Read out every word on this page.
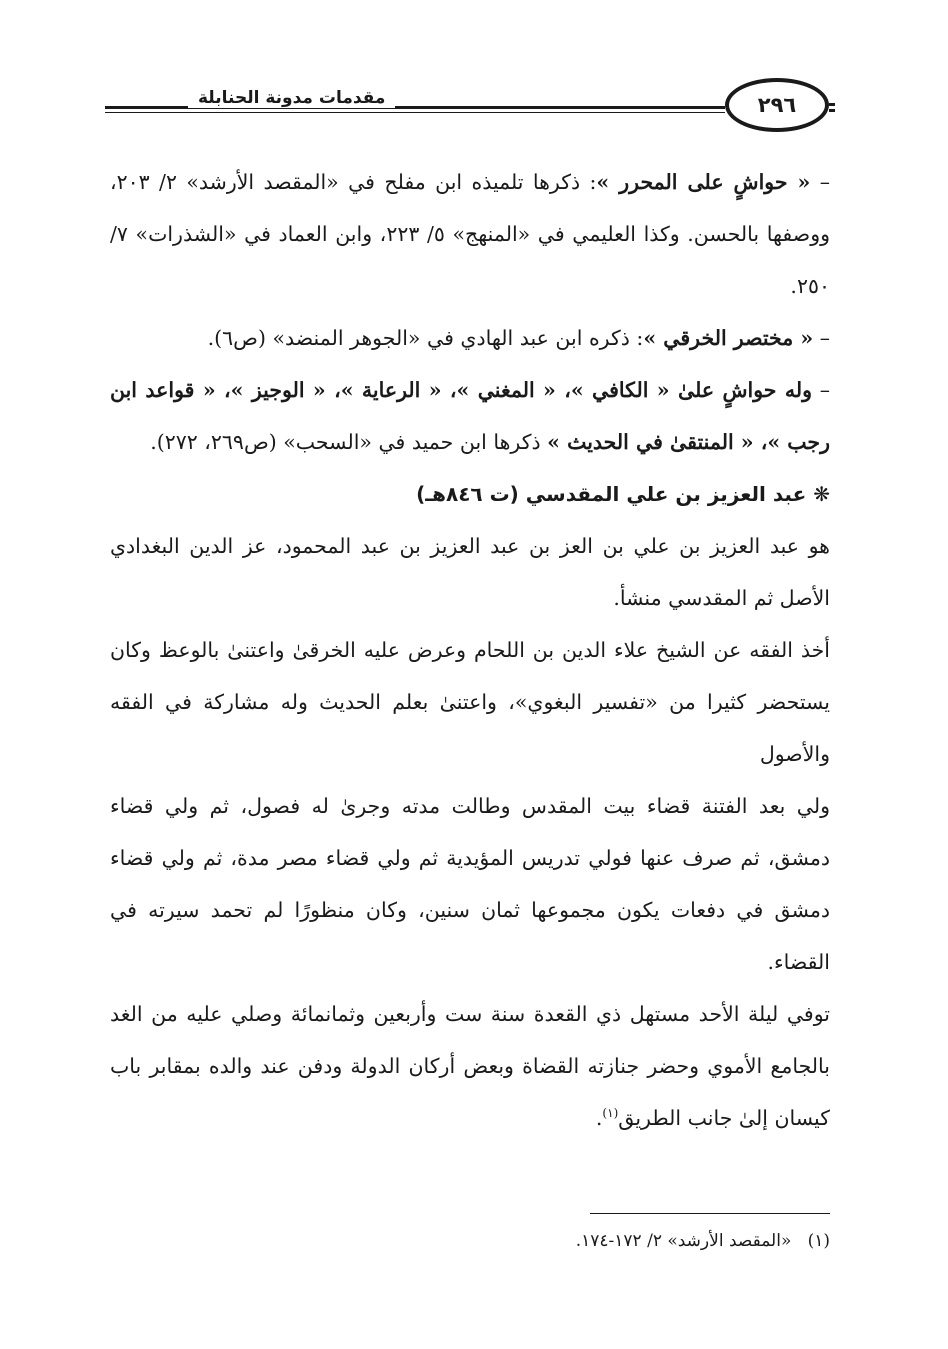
مقدمات مدونة الحنابلة	٢٩٦

– « حواشٍ على المحرر »: ذكرها تلميذه ابن مفلح في «المقصد الأرشد» ٢/ ٢٠٣، ووصفها بالحسن. وكذا العليمي في «المنهج» ٥/ ٢٢٣، وابن العماد في «الشذرات» ٧/ ٢٥٠.

– « مختصر الخرقي »: ذكره ابن عبد الهادي في «الجوهر المنضد» (ص٦).

– وله حواشٍ علىٰ « الكافي »، « المغني »، « الرعاية »، « الوجيز »، « قواعد ابن رجب »، « المنتقىٰ في الحديث » ذكرها ابن حميد في «السحب» (ص٢٦٩، ٢٧٢).

❋ عبد العزيز بن علي المقدسي (ت ٨٤٦هـ)

هو عبد العزيز بن علي بن العز بن عبد العزيز بن عبد المحمود، عز الدين البغدادي الأصل ثم المقدسي منشأ.

أخذ الفقه عن الشيخ علاء الدين بن اللحام وعرض عليه الخرقىٰ واعتنىٰ بالوعظ وكان يستحضر كثيرا من «تفسير البغوي»، واعتنىٰ بعلم الحديث وله مشاركة في الفقه والأصول

ولي بعد الفتنة قضاء بيت المقدس وطالت مدته وجرىٰ له فصول، ثم ولي قضاء دمشق، ثم صرف عنها فولي تدريس المؤيدية ثم ولي قضاء مصر مدة، ثم ولي قضاء دمشق في دفعات يكون مجموعها ثمان سنين، وكان منظورًا لم تحمد سيرته في القضاء.

توفي ليلة الأحد مستهل ذي القعدة سنة ست وأربعين وثمانمائة وصلي عليه من الغد بالجامع الأموي وحضر جنازته القضاة وبعض أركان الدولة ودفن عند والده بمقابر باب كيسان إلىٰ جانب الطريق$^{(١)}$.

(١)   «المقصد الأرشد» ٢/ ١٧٢-١٧٤.
